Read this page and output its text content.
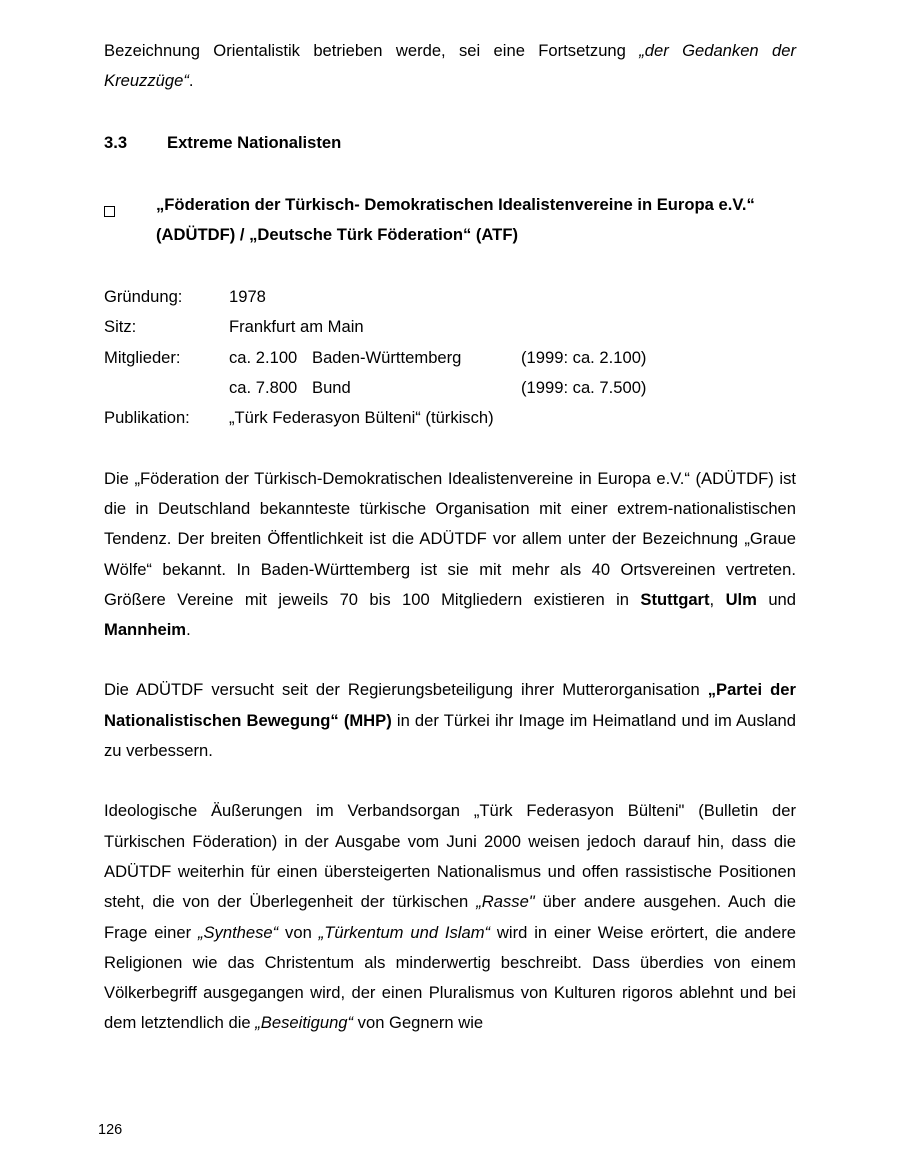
Bezeichnung Orientalistik betrieben werde, sei eine Fortsetzung „der Gedanken der Kreuzzüge“.

3.3	Extreme Nationalisten
„Föderation der Türkisch- Demokratischen Idealistenvereine in Europa e.V.“
(ADÜTDF) / „Deutsche Türk Föderation“ (ATF)
Gründung:	1978
Sitz:	Frankfurt am Main
Mitglieder:	ca. 2.100 Baden-Württemberg	(1999: ca. 2.100)
ca. 7.800 Bund	(1999: ca. 7.500)
Publikation:	„Türk Federasyon Bülteni“ (türkisch)

Die „Föderation der Türkisch-Demokratischen Idealistenvereine in Europa e.V.“ (ADÜTDF) ist die in Deutschland bekannteste türkische Organisation mit einer extrem-nationalistischen Tendenz. Der breiten Öffentlichkeit ist die ADÜTDF vor allem unter der Bezeichnung „Graue Wölfe“ bekannt. In Baden-Württemberg ist sie mit mehr als 40 Ortsvereinen vertreten. Größere Vereine mit jeweils 70 bis 100 Mitgliedern existieren in Stuttgart, Ulm und Mannheim.

Die ADÜTDF versucht seit der Regierungsbeteiligung ihrer Mutterorganisation „Partei der Nationalistischen Bewegung“ (MHP) in der Türkei ihr Image im Heimatland und im Ausland zu verbessern.

Ideologische Äußerungen im Verbandsorgan „Türk Federasyon Bülteni" (Bulletin der Türkischen Föderation) in der Ausgabe vom Juni 2000 weisen jedoch darauf hin, dass die ADÜTDF weiterhin für einen übersteigerten Nationalismus und offen rassistische Positionen steht, die von der Überlegenheit der türkischen „Rasse" über andere ausgehen. Auch die Frage einer „Synthese“ von „Türkentum und Islam“ wird in einer Weise erörtert, die andere Religionen wie das Christentum als minderwertig beschreibt. Dass überdies von einem Völkerbegriff ausgegangen wird, der einen Pluralismus von Kulturen rigoros ablehnt und bei dem letztendlich die „Beseitigung“ von Gegnern wie

126
